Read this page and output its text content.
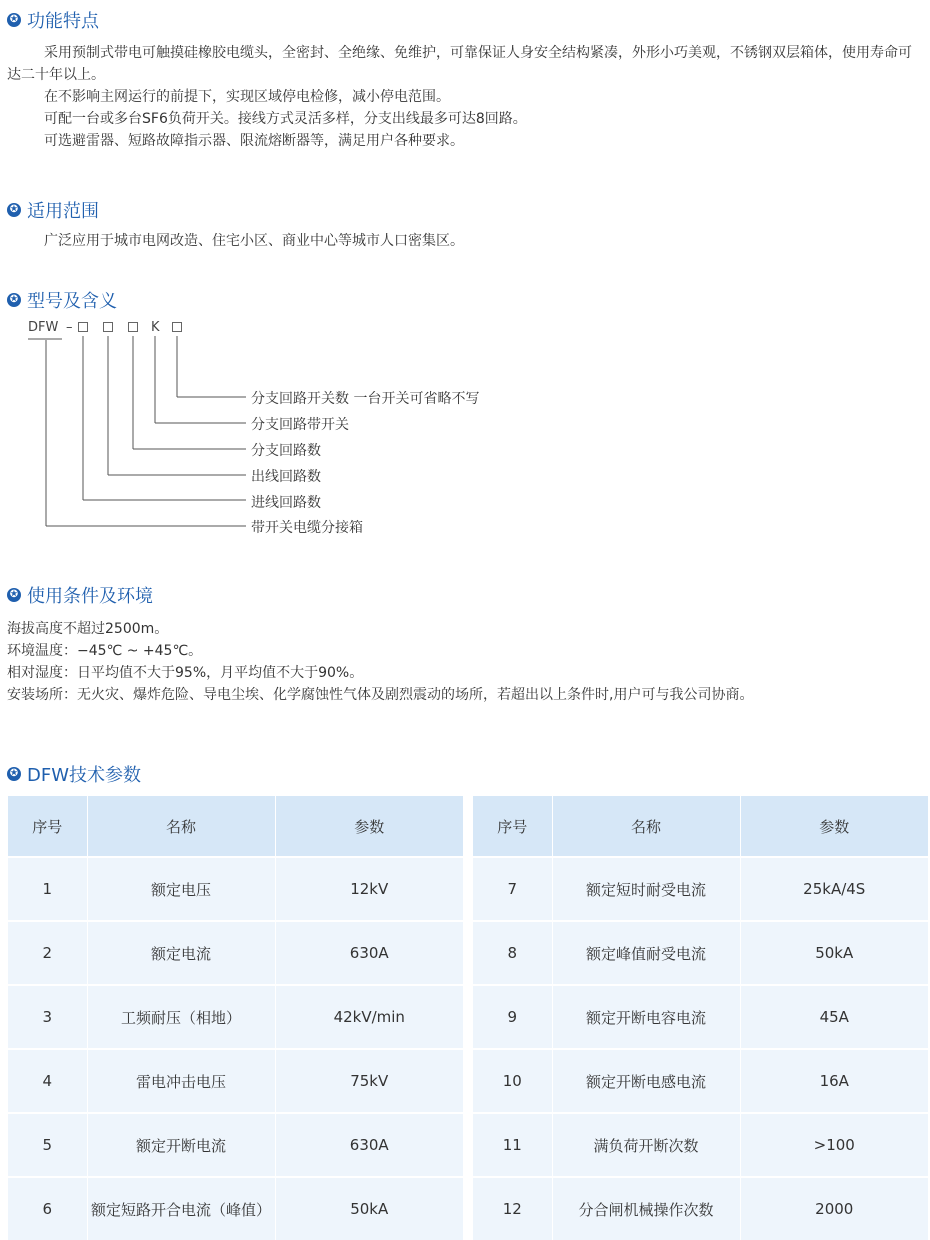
✪ 功能特点
采用预制式带电可触摸硅橡胶电缆头，全密封、全绝缘、免维护，可靠保证人身安全结构紧凑，外形小巧美观，不锈钢双层箱体，使用寿命可达二十年以上。
在不影响主网运行的前提下，实现区域停电检修，减小停电范围。
可配一台或多台SF6负荷开关。接线方式灵活多样，分支出线最多可达8回路。
可选避雷器、短路故障指示器、限流熔断器等，满足用户各种要求。
✪ 适用范围
广泛应用于城市电网改造、住宅小区、商业中心等城市人口密集区。
✪ 型号及含义
DFW –	K
分支回路开关数 一台开关可省略不写
分支回路带开关
分支回路数
出线回路数
进线回路数
带开关电缆分接箱
✪ 使用条件及环境
海拔高度不超过2500m。
环境温度：−45℃ ~ +45℃。
相对湿度：日平均值不大于95%，月平均值不大于90%。
安装场所：无火灾、爆炸危险、导电尘埃、化学腐蚀性气体及剧烈震动的场所，若超出以上条件时,用户可与我公司协商。
✪ DFW技术参数
序号	名称	参数
1	额定电压	12kV
2	额定电流	630A
3	工频耐压（相地）	42kV/min
4	雷电冲击电压	75kV
5	额定开断电流	630A
6	额定短路开合电流（峰值）	50kA
序号	名称	参数
7	额定短时耐受电流	25kA/4S
8	额定峰值耐受电流	50kA
9	额定开断电容电流	45A
10	额定开断电感电流	16A
11	满负荷开断次数	>100
12	分合闸机械操作次数	2000
